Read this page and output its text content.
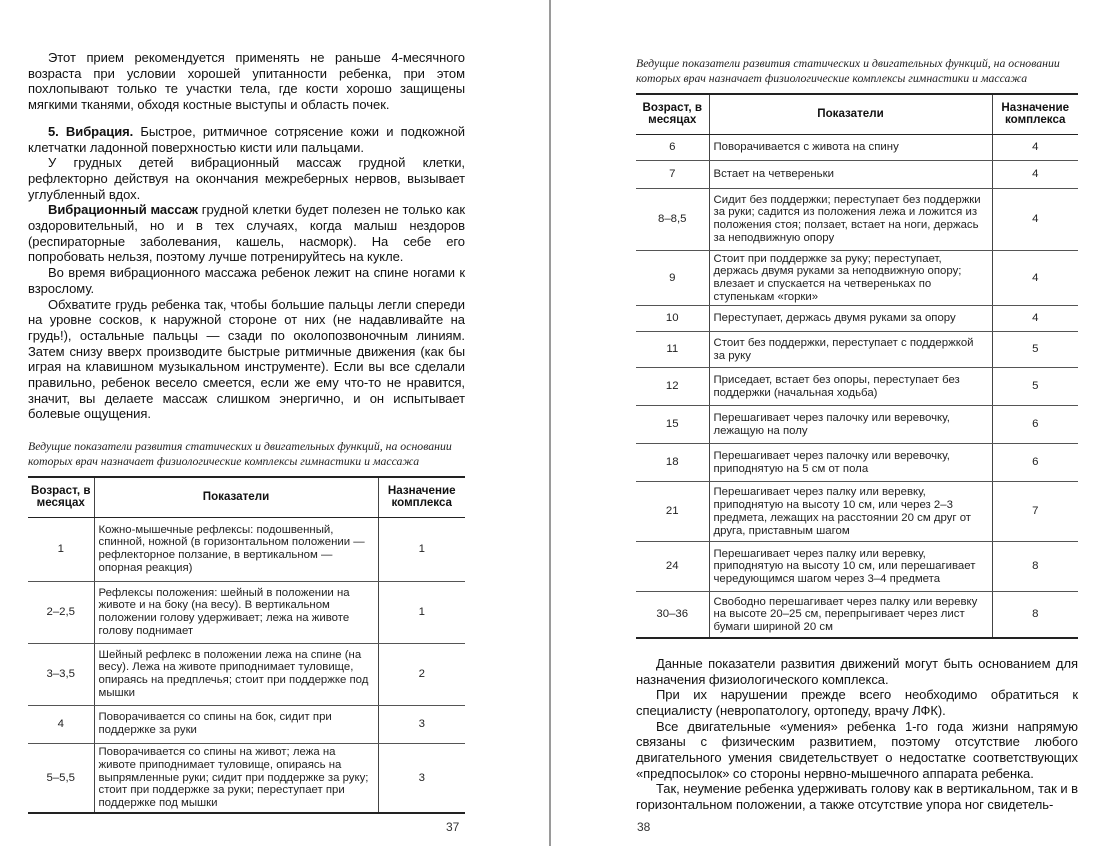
Этот прием рекомендуется применять не раньше 4-месячного возраста при условии хорошей упитанности ребенка, при этом похлопывают только те участки тела, где кости хорошо защищены мягкими тканями, обходя костные выступы и область почек.

5. Вибрация. Быстрое, ритмичное сотрясение кожи и подкожной клетчатки ладонной поверхностью кисти или пальцами.

У грудных детей вибрационный массаж грудной клетки, рефлекторно действуя на окончания межреберных нервов, вызывает углубленный вдох.

Вибрационный массаж грудной клетки будет полезен не только как оздоровительный, но и в тех случаях, когда малыш нездоров (респираторные заболевания, кашель, насморк). На себе его попробовать нельзя, поэтому лучше потренируйтесь на кукле.

Во время вибрационного массажа ребенок лежит на спине ногами к взрослому.

Обхватите грудь ребенка так, чтобы большие пальцы легли спереди на уровне сосков, к наружной стороне от них (не надавливайте на грудь!), остальные пальцы — сзади по околопозвоночным линиям. Затем снизу вверх производите быстрые ритмичные движения (как бы играя на клавишном музыкальном инструменте). Если вы все сделали правильно, ребенок весело смеется, если же ему что-то не нравится, значит, вы делаете массаж слишком энергично, и он испытывает болевые ощущения.

Ведущие показатели развития статических и двигательных функций, на основании которых врач назначает физиологические комплексы гимнастики и массажа
Возраст, в месяцах	Показатели	Назначение комплекса
1	Кожно-мышечные рефлексы: подошвенный, спинной, ножной (в горизонтальном положении — рефлекторное ползание, в вертикальном — опорная реакция)	1
2–2,5	Рефлексы положения: шейный в положении на животе и на боку (на весу). В вертикальном положении голову удерживает; лежа на животе голову поднимает	1
3–3,5	Шейный рефлекс в положении лежа на спине (на весу). Лежа на животе приподнимает туловище, опираясь на предплечья; стоит при поддержке под мышки	2
4	Поворачивается со спины на бок, сидит при поддержке за руки	3
5–5,5	Поворачивается со спины на живот; лежа на животе приподнимает туловище, опираясь на выпрямленные руки; сидит при поддержке за руку; стоит при поддержке за руки; переступает при поддержке под мышки	3
37
Ведущие показатели развития статических и двигательных функций, на основании которых врач назначает физиологические комплексы гимнастики и массажа
Возраст, в месяцах	Показатели	Назначение комплекса
6	Поворачивается с живота на спину	4
7	Встает на четвереньки	4
8–8,5	Сидит без поддержки; переступает без поддержки за руки; садится из положения лежа и ложится из положения стоя; ползает, встает на ноги, держась за неподвижную опору	4
9	Стоит при поддержке за руку; переступает, держась двумя руками за неподвижную опору; влезает и спускается на четвереньках по ступенькам «горки»	4
10	Переступает, держась двумя руками за опору	4
11	Стоит без поддержки, переступает с поддержкой за руку	5
12	Приседает, встает без опоры, переступает без поддержки (начальная ходьба)	5
15	Перешагивает через палочку или веревочку, лежащую на полу	6
18	Перешагивает через палочку или веревочку, приподнятую на 5 см от пола	6
21	Перешагивает через палку или веревку, приподнятую на высоту 10 см, или через 2–3 предмета, лежащих на расстоянии 20 см друг от друга, приставным шагом	7
24	Перешагивает через палку или веревку, приподнятую на высоту 10 см, или перешагивает чередующимся шагом через 3–4 предмета	8
30–36	Свободно перешагивает через палку или веревку на высоте 20–25 см, перепрыгивает через лист бумаги шириной 20 см	8

Данные показатели развития движений могут быть основанием для назначения физиологического комплекса.

При их нарушении прежде всего необходимо обратиться к специалисту (невропатологу, ортопеду, врачу ЛФК).

Все двигательные «умения» ребенка 1-го года жизни напрямую связаны с физическим развитием, поэтому отсутствие любого двигательного умения свидетельствует о недостатке соответствующих «предпосылок» со стороны нервно-мышечного аппарата ребенка.

Так, неумение ребенка удерживать голову как в вертикальном, так и в горизонтальном положении, а также отсутствие упора ног свидетель-

38
